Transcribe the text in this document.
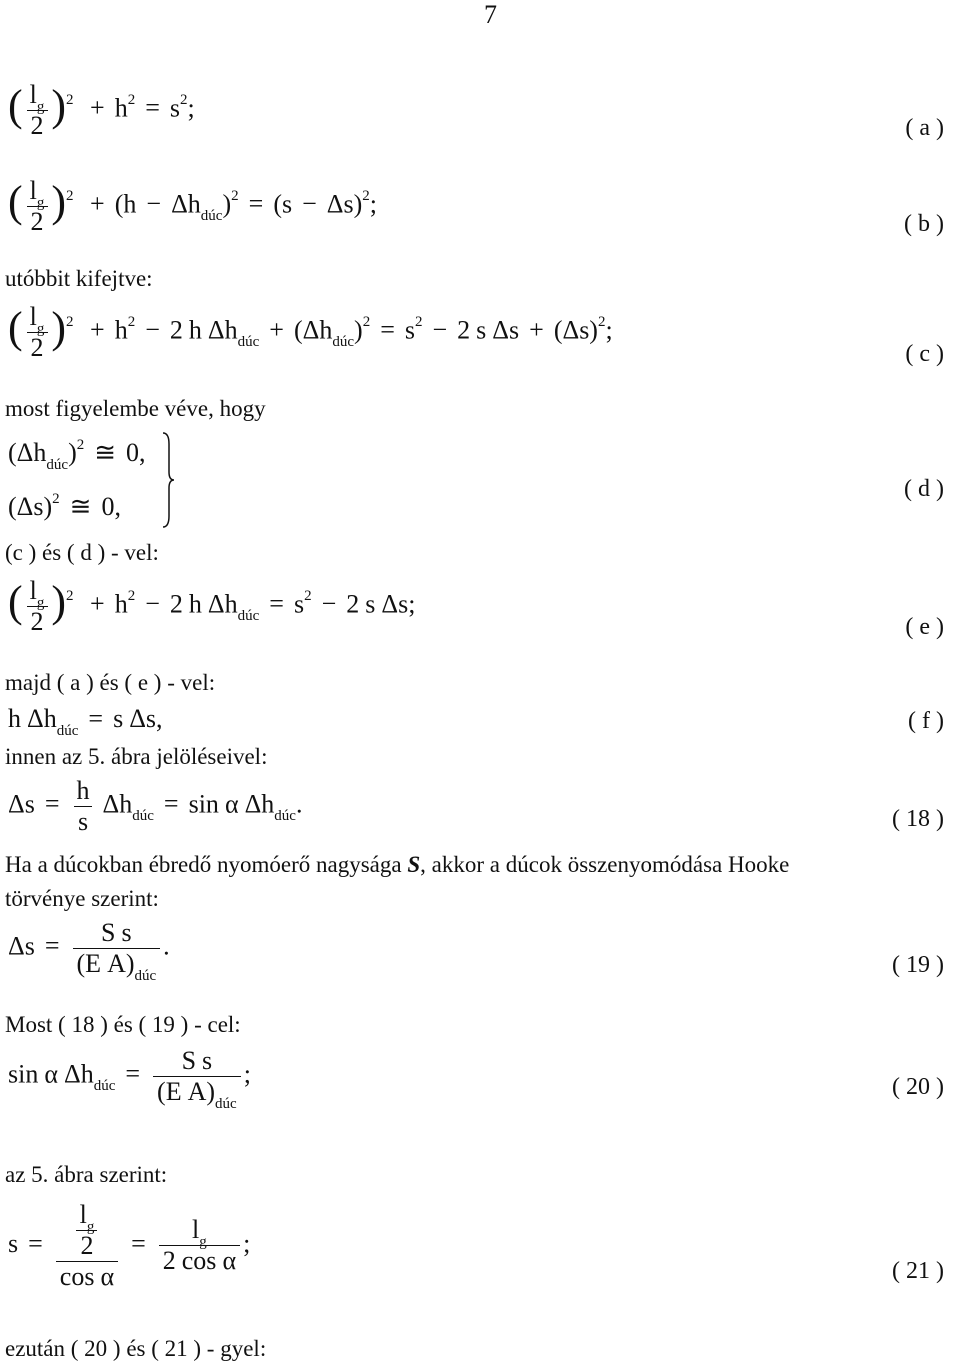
7
( $\frac{l_g}{2} )^2 + h^2 = s^2$;
( a )
( $\frac{l_g}{2} )^2 + (h - \Delta h_{dúc})^2 = (s - \Delta s)^2$;
( b )
utóbbit kifejtve:
( $\frac{l_g}{2} )^2 + h^2 - 2$ h $\Delta h_{dúc} + (\Delta h_{dúc})^2 = s^2 - 2$ s $\Delta s + (\Delta s)^2$;
( c )
most figyelembe véve, hogy
$(\Delta h_{dúc})^2$ ≅ 0,
$(\Delta s)^2$ ≅ 0,
( d )
(c ) és ( d ) - vel:
( $\frac{l_g}{2} )^2 + h^2 - 2$ h $\Delta h_{dúc} = s^2 - 2$ s Δs;
( e )
majd ( a ) és ( e ) - vel:
h $\Delta h_{dúc} = s$ Δs,	( f )
innen az 5. ábra jelöléseivel:
$\Delta s = \frac{h}{s} \Delta h_{dúc} = \sin \alpha$ $\Delta h_{dúc}$.
( 18 )
Ha a dúcokban ébredő nyomóerő nagysága S, akkor a dúcok összenyomódása Hooke
törvénye szerint:
$\Delta s = \frac{\text{S s}}{(E A)_{dúc}}$ .
( 19 )
Most ( 18 ) és ( 19 ) - cel:
sin α $\Delta h_{dúc} = \frac{\text{S s}}{(E A)_{dúc}}$ ;	( 20 )
az 5. ábra szerint:
$s = \frac{\frac{l_g}{2}}{\text{cos α}} = \frac{l_g}{\text{2 cos α}}$ ;
( 21 )
ezután ( 20 ) és ( 21 ) - gyel:
